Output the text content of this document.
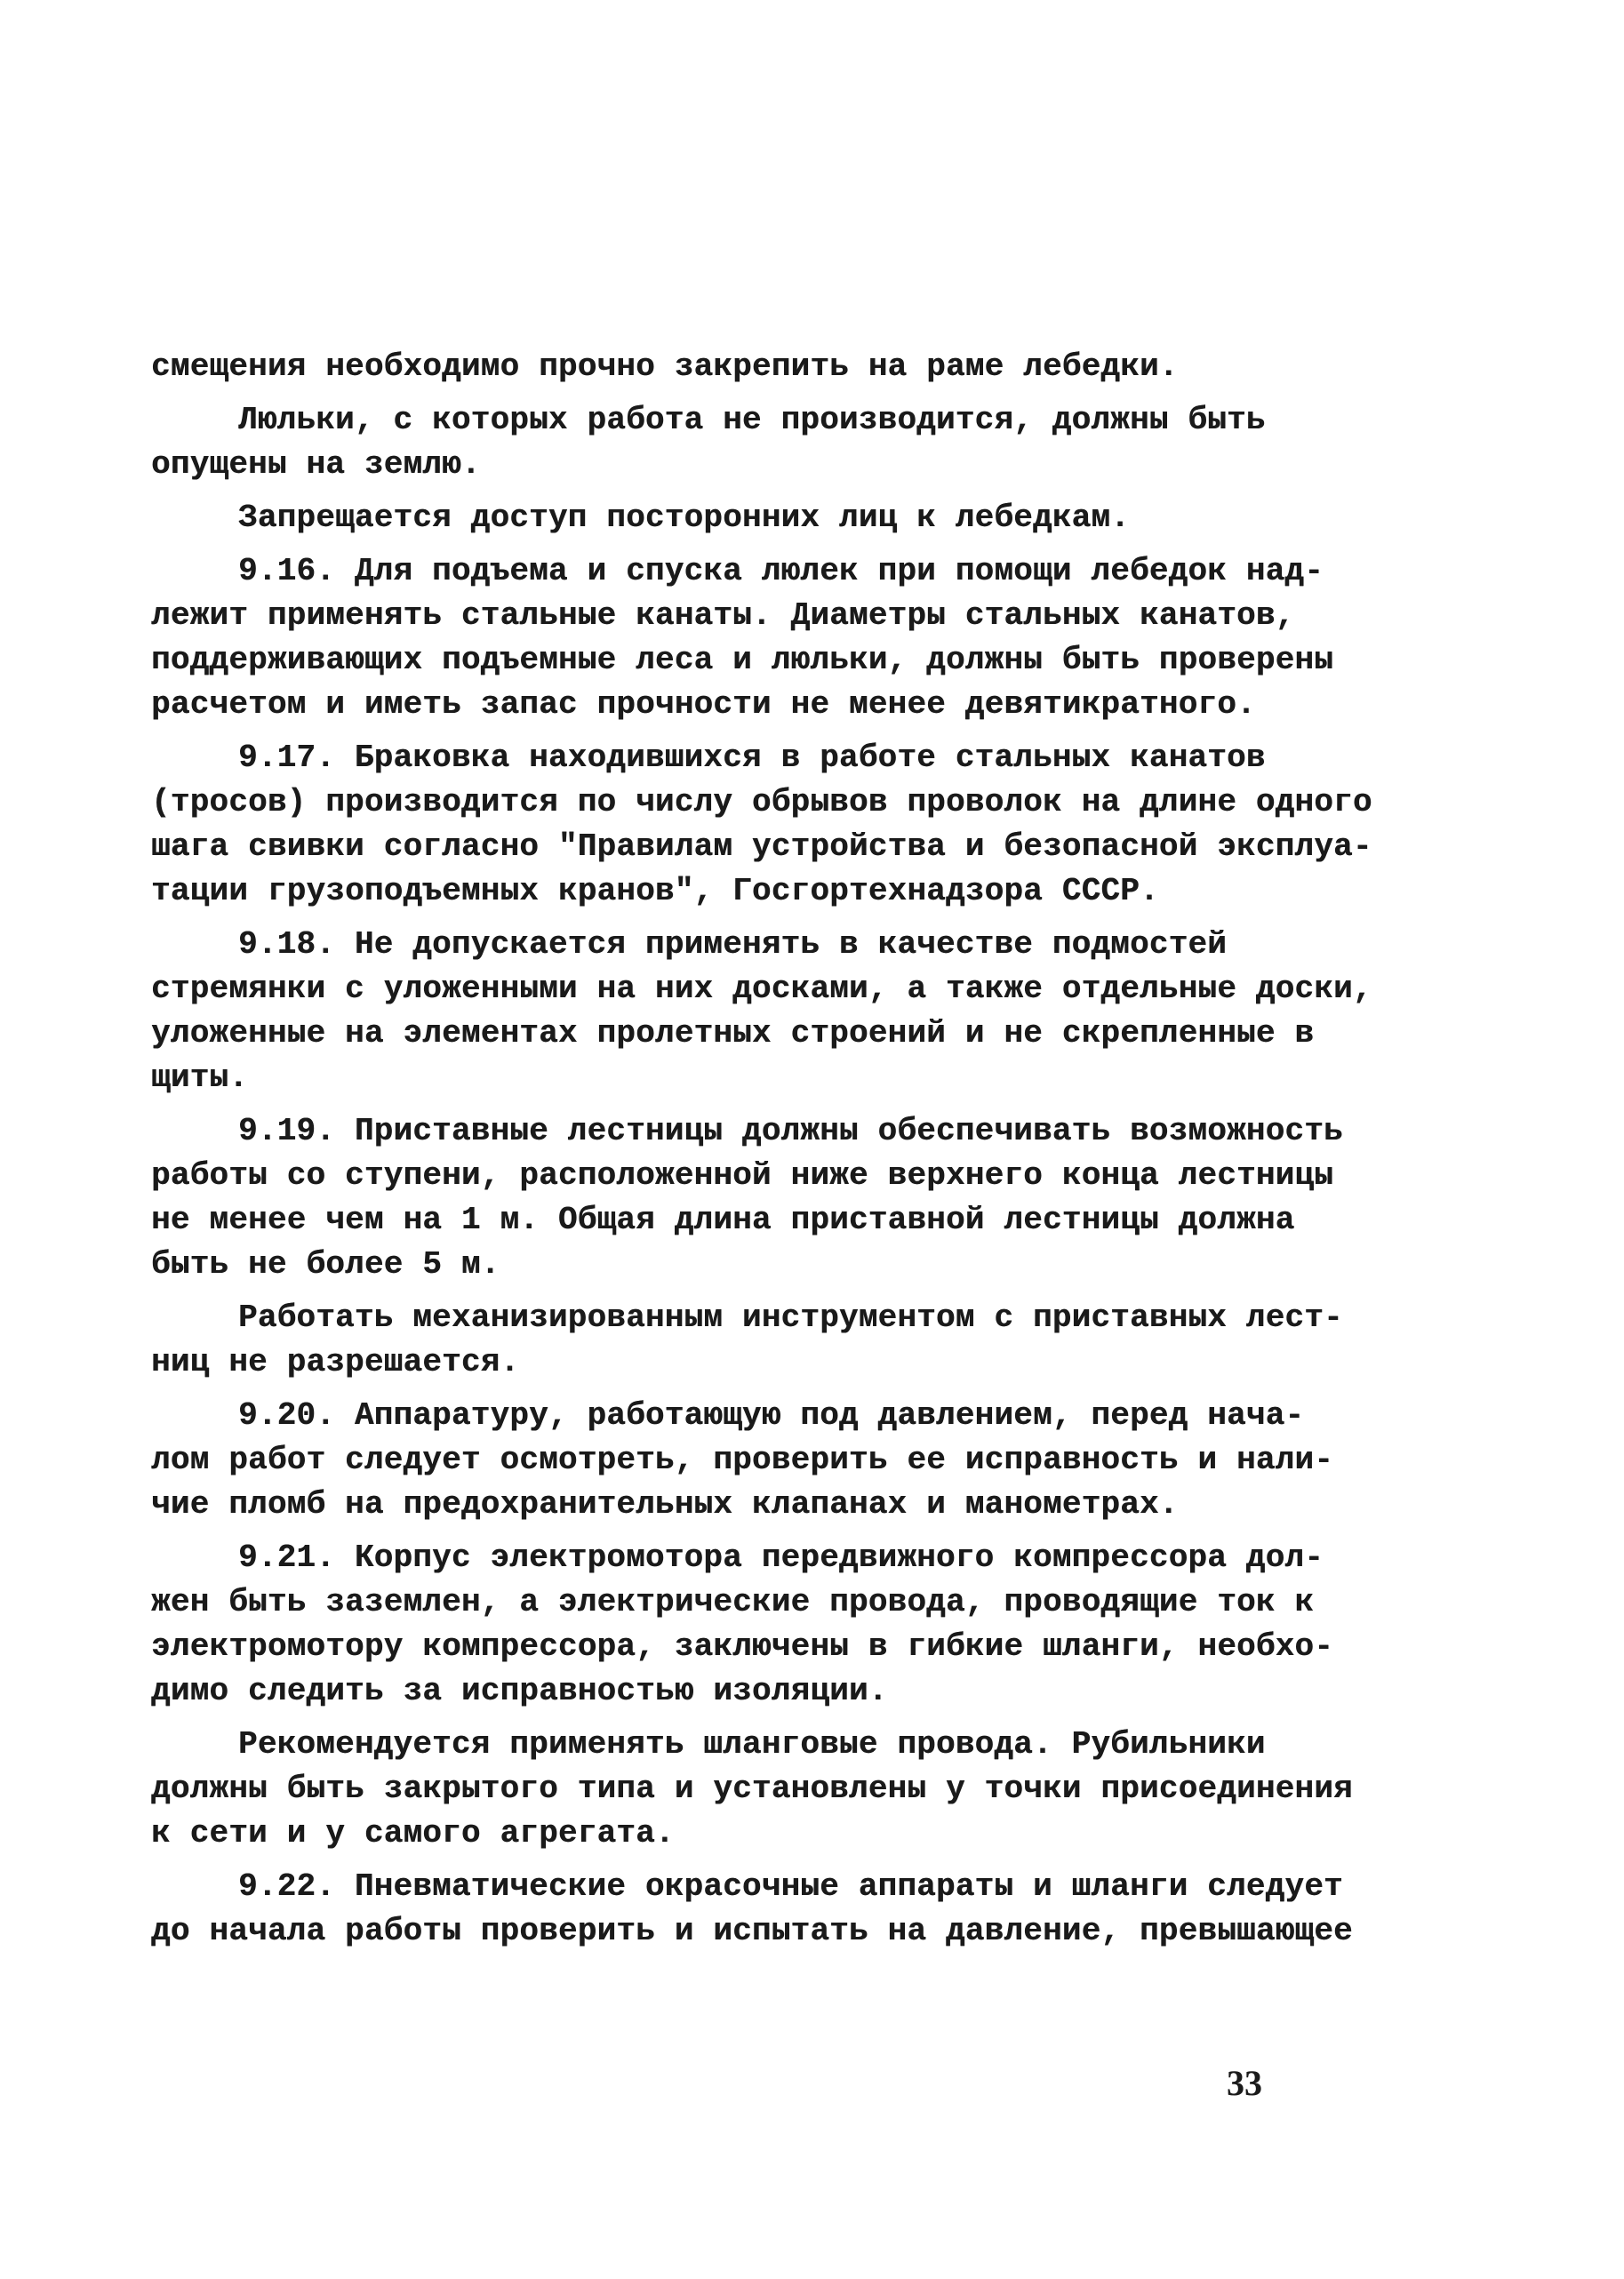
смещения необходимо прочно закрепить на раме лебедки.
Люльки, с которых работа не производится, должны быть
опущены на землю.
Запрещается доступ посторонних лиц к лебедкам.
9.16. Для подъема и спуска люлек при помощи лебедок над-
лежит применять стальные канаты. Диаметры стальных канатов,
поддерживающих подъемные леса и люльки, должны быть проверены
расчетом и иметь запас прочности не менее девятикратного.
9.17. Браковка находившихся в работе стальных канатов
(тросов) производится по числу обрывов проволок на длине одного
шага свивки согласно "Правилам устройства и безопасной эксплуа-
тации грузоподъемных кранов", Госгортехнадзора СССР.
9.18. Не допускается применять в качестве подмостей
стремянки с уложенными на них досками, а также отдельные доски,
уложенные на элементах пролетных строений и не скрепленные в
щиты.
9.19. Приставные лестницы должны обеспечивать возможность
работы со ступени, расположенной ниже верхнего конца лестницы
не менее чем на 1 м. Общая длина приставной лестницы должна
быть не более 5 м.
Работать механизированным инструментом с приставных лест-
ниц не разрешается.
9.20. Аппаратуру, работающую под давлением, перед нача-
лом работ следует осмотреть, проверить ее исправность и нали-
чие пломб на предохранительных клапанах и манометрах.
9.21. Корпус электромотора передвижного компрессора дол-
жен быть заземлен, а электрические провода, проводящие ток к
электромотору компрессора, заключены в гибкие шланги, необхо-
димо следить за исправностью изоляции.
Рекомендуется применять шланговые провода. Рубильники
должны быть закрытого типа и установлены у точки присоединения
к сети и у самого агрегата.
9.22. Пневматические окрасочные аппараты и шланги следует
до начала работы проверить и испытать на давление, превышающее
33
